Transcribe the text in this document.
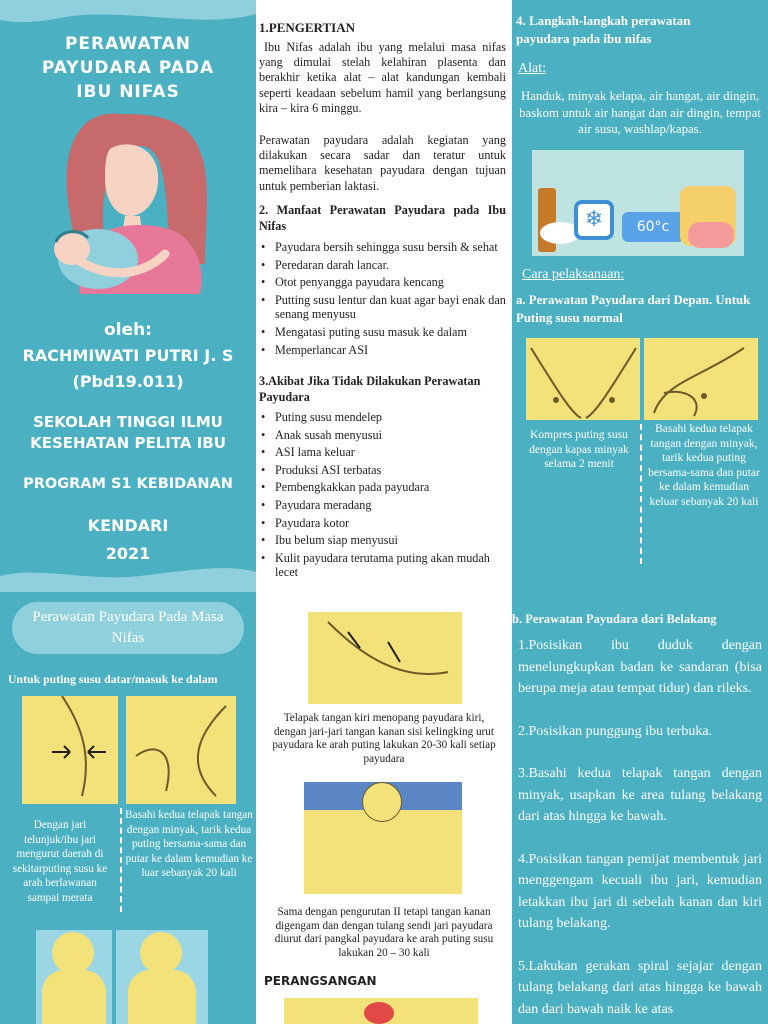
PERAWATAN PAYUDARA PADA IBU NIFAS
oleh:
RACHMIWATI PUTRI J. S
(Pbd19.011)
SEKOLAH TINGGI ILMU KESEHATAN PELITA IBU
PROGRAM S1 KEBIDANAN
KENDARI
2021
1.PENGERTIAN
Ibu Nifas adalah ibu yang melalui masa nifas yang dimulai stelah kelahiran plasenta dan berakhir ketika alat – alat kandungan kembali seperti keadaan sebelum hamil yang berlangsung kira – kira 6 minggu.
Perawatan payudara adalah kegiatan yang dilakukan secara sadar dan teratur untuk memelihara kesehatan payudara dengan tujuan untuk pemberian laktasi.
2. Manfaat Perawatan Payudara pada Ibu Nifas
• Payudara bersih sehingga susu bersih & sehat
• Peredaran darah lancar.
• Otot penyangga payudara kencang
• Putting susu lentur dan kuat agar bayi enak dan senang menyusu
• Mengatasi puting susu masuk ke dalam
• Memperlancar ASI
3.Akibat Jika Tidak Dilakukan Perawatan Payudara
• Puting susu mendelep
• Anak susah menyusui
• ASI lama keluar
• Produksi ASI terbatas
• Pembengkakkan pada payudara
• Payudara meradang
• Payudara kotor
• Ibu belum siap menyusui
• Kulit payudara terutama puting akan mudah lecet
4. Langkah-langkah perawatan payudara pada ibu nifas
Alat:
Handuk, minyak kelapa, air hangat, air dingin, baskom untuk air hangat dan air dingin, tempat air susu, washlap/kapas.
❄	60°c
Cara pelaksanaan:
a. Perawatan Payudara dari Depan. Untuk Puting susu normal
Kompres puting susu dengan kapas minyak selama 2 menit
Basahi kedua telapak tangan dengan minyak, tarik kedua puting bersama-sama dan putar ke dalam kemudian keluar sebanyak 20 kali
Perawatan Payudara Pada Masa Nifas
Untuk puting susu datar/masuk ke dalam
Dengan jari telunjuk/ibu jari mengurut daerah di sekitarputing susu ke arah berlawanan sampai merata
Basahi kedua telapak tangan dengan minyak, tarik kedua puting bersama-sama dan putar ke dalam kemudian ke luar sebanyak 20 kali
Telapak tangan kiri menopang payudara kiri, dengan jari-jari tangan kanan sisi kelingking urut payudara ke arah puting lakukan 20-30 kali setiap payudara
Sama dengan pengurutan II tetapi tangan kanan digengam dan dengan tulang sendi jari payudara diurut dari pangkal payudara ke arah puting susu lakukan 20 – 30 kali
PERANGSANGAN
b. Perawatan Payudara dari Belakang
1.Posisikan ibu duduk dengan menelungkupkan badan ke sandaran (bisa berupa meja atau tempat tidur) dan rileks.
2.Posisikan punggung ibu terbuka.
3.Basahi kedua telapak tangan dengan minyak, usapkan ke area tulang belakang dari atas hingga ke bawah.
4.Posisikan tangan pemijat membentuk jari menggengam kecuali ibu jari, kemudian letakkan ibu jari di sebelah kanan dan kiri tulang belakang.
5.Lakukan gerakan spiral sejajar dengan tulang belakang dari atas hingga ke bawah dan dari bawah naik ke atas
